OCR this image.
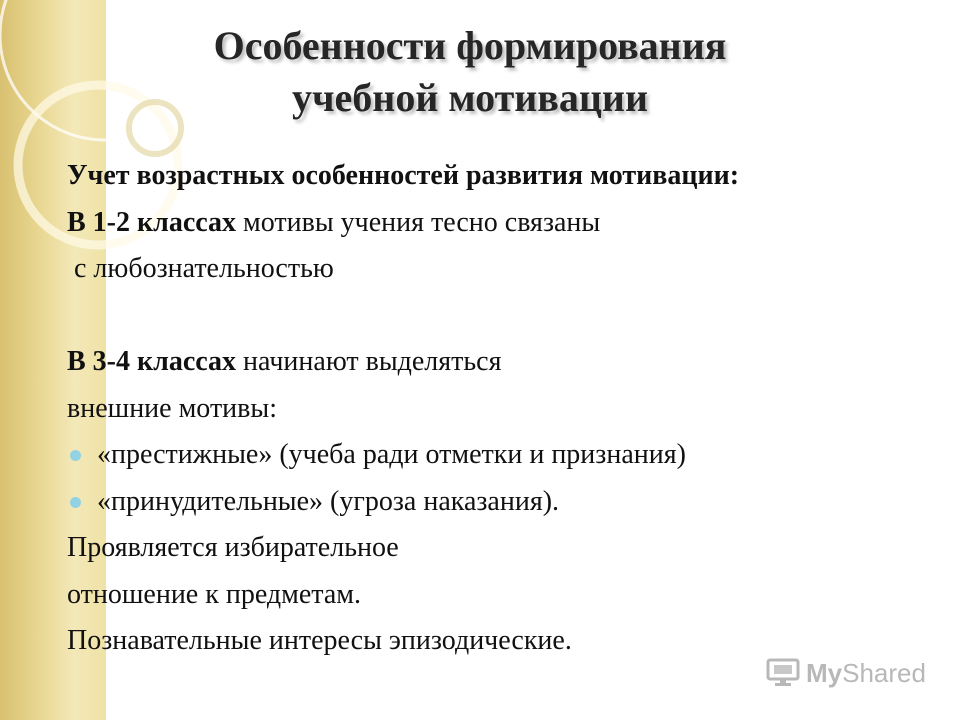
Особенности формирования
учебной мотивации
Учет возрастных особенностей развития мотивации:
В 1-2 классах мотивы учения тесно связаны
с любознательностью
В 3-4 классах начинают выделяться
внешние мотивы:
«престижные» (учеба ради отметки и признания)
«принудительные» (угроза наказания).
Проявляется избирательное
отношение к предметам.
Познавательные интересы эпизодические.
MyShared
